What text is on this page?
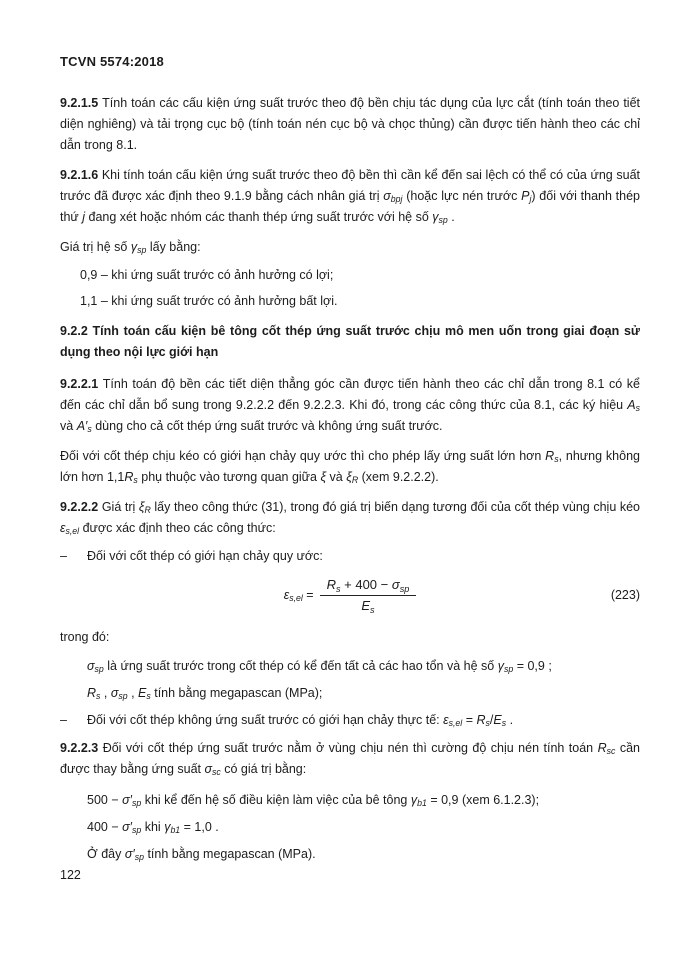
TCVN 5574:2018
9.2.1.5 Tính toán các cấu kiện ứng suất trước theo độ bền chịu tác dụng của lực cắt (tính toán theo tiết diện nghiêng) và tải trọng cục bộ (tính toán nén cục bộ và chọc thủng) cần được tiến hành theo các chỉ dẫn trong 8.1.
9.2.1.6 Khi tính toán cấu kiện ứng suất trước theo độ bền thì cần kể đến sai lệch có thể có của ứng suất trước đã được xác định theo 9.1.9 bằng cách nhân giá trị $\sigma_{bpj}$ (hoặc lực nén trước $P_j$) đối với thanh thép thứ j đang xét hoặc nhóm các thanh thép ứng suất trước với hệ số $\gamma_{sp}$ .
Giá trị hệ số $\gamma_{sp}$ lấy bằng:
0,9 – khi ứng suất trước có ảnh hưởng có lợi;
1,1 – khi ứng suất trước có ảnh hưởng bất lợi.
9.2.2 Tính toán cấu kiện bê tông cốt thép ứng suất trước chịu mô men uốn trong giai đoạn sử dụng theo nội lực giới hạn
9.2.2.1 Tính toán độ bền các tiết diện thẳng góc cần được tiến hành theo các chỉ dẫn trong 8.1 có kể đến các chỉ dẫn bổ sung trong 9.2.2.2 đến 9.2.2.3. Khi đó, trong các công thức của 8.1, các ký hiệu $A_s$ và $A'_s$ dùng cho cả cốt thép ứng suất trước và không ứng suất trước.
Đối với cốt thép chịu kéo có giới hạn chảy quy ước thì cho phép lấy ứng suất lớn hơn $R_s$, nhưng không lớn hơn $1,1R_s$ phụ thuộc vào tương quan giữa ξ và $\xi_R$ (xem 9.2.2.2).
9.2.2.2 Giá trị $\xi_R$ lấy theo công thức (31), trong đó giá trị biến dạng tương đối của cốt thép vùng chịu kéo $\varepsilon_{s,el}$ được xác định theo các công thức:
–	Đối với cốt thép có giới hạn chảy quy ước:
$\varepsilon_{s,el} = \frac{R_s + 400 - \sigma_{sp}}{E_s}$	(223)
trong đó:
$\sigma_{sp}$ là ứng suất trước trong cốt thép có kể đến tất cả các hao tổn và hệ số $\gamma_{sp} = 0,9$ ;
$R_s$ , $\sigma_{sp}$ , $E_s$ tính bằng megapascan (MPa);
–	Đối với cốt thép không ứng suất trước có giới hạn chảy thực tế: $\varepsilon_{s,el} = R_s/E_s$ .
9.2.2.3 Đối với cốt thép ứng suất trước nằm ở vùng chịu nén thì cường độ chịu nén tính toán $R_{sc}$ cần được thay bằng ứng suất $\sigma_{sc}$ có giá trị bằng:
$500 - \sigma'_{sp}$ khi kể đến hệ số điều kiện làm việc của bê tông $\gamma_{b1} = 0,9$ (xem 6.1.2.3);
$400 - \sigma'_{sp}$ khi $\gamma_{b1} = 1,0$ .
Ở đây $\sigma'_{sp}$ tính bằng megapascan (MPa).
122
